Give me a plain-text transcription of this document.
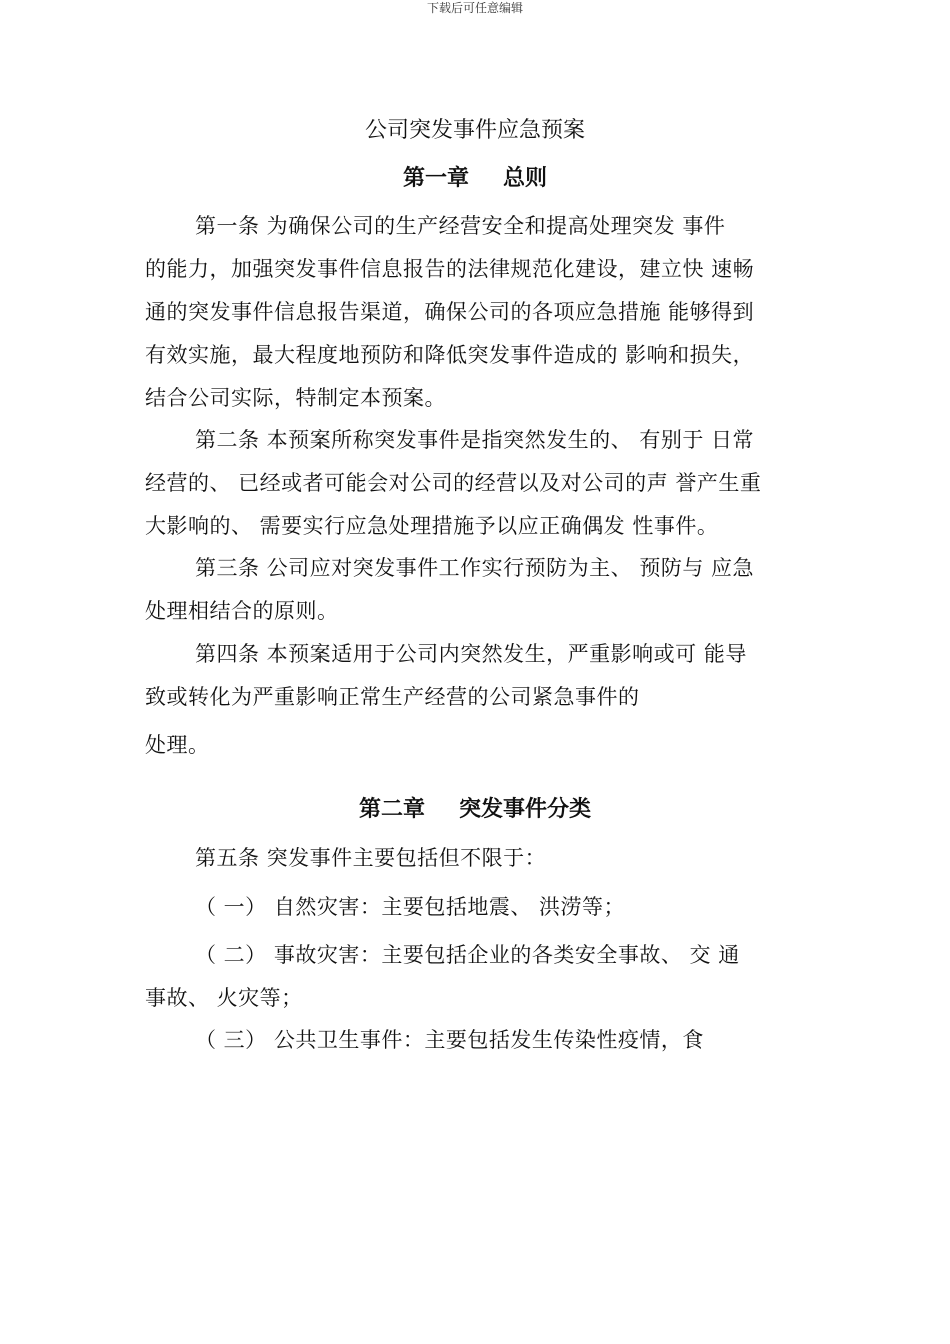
下载后可任意编辑
公司突发事件应急预案
第一章 总则
第一条 为确保公司的生产经营安全和提高处理突发 事件
的能力，加强突发事件信息报告的法律规范化建设，建立快 速畅
通的突发事件信息报告渠道，确保公司的各项应急措施 能够得到
有效实施，最大程度地预防和降低突发事件造成的 影响和损失，
结合公司实际，特制定本预案。
第二条 本预案所称突发事件是指突然发生的、 有别于 日常
经营的、 已经或者可能会对公司的经营以及对公司的声 誉产生重
大影响的、 需要实行应急处理措施予以应正确偶发 性事件。
第三条 公司应对突发事件工作实行预防为主、 预防与 应急
处理相结合的原则。
第四条 本预案适用于公司内突然发生，严重影响或可 能导
致或转化为严重影响正常生产经营的公司紧急事件的
处理。
第二章 突发事件分类
第五条 突发事件主要包括但不限于：
（ 一） 自然灾害：主要包括地震、 洪涝等；
（ 二） 事故灾害：主要包括企业的各类安全事故、 交 通
事故、 火灾等；
（ 三） 公共卫生事件：主要包括发生传染性疫情，食
